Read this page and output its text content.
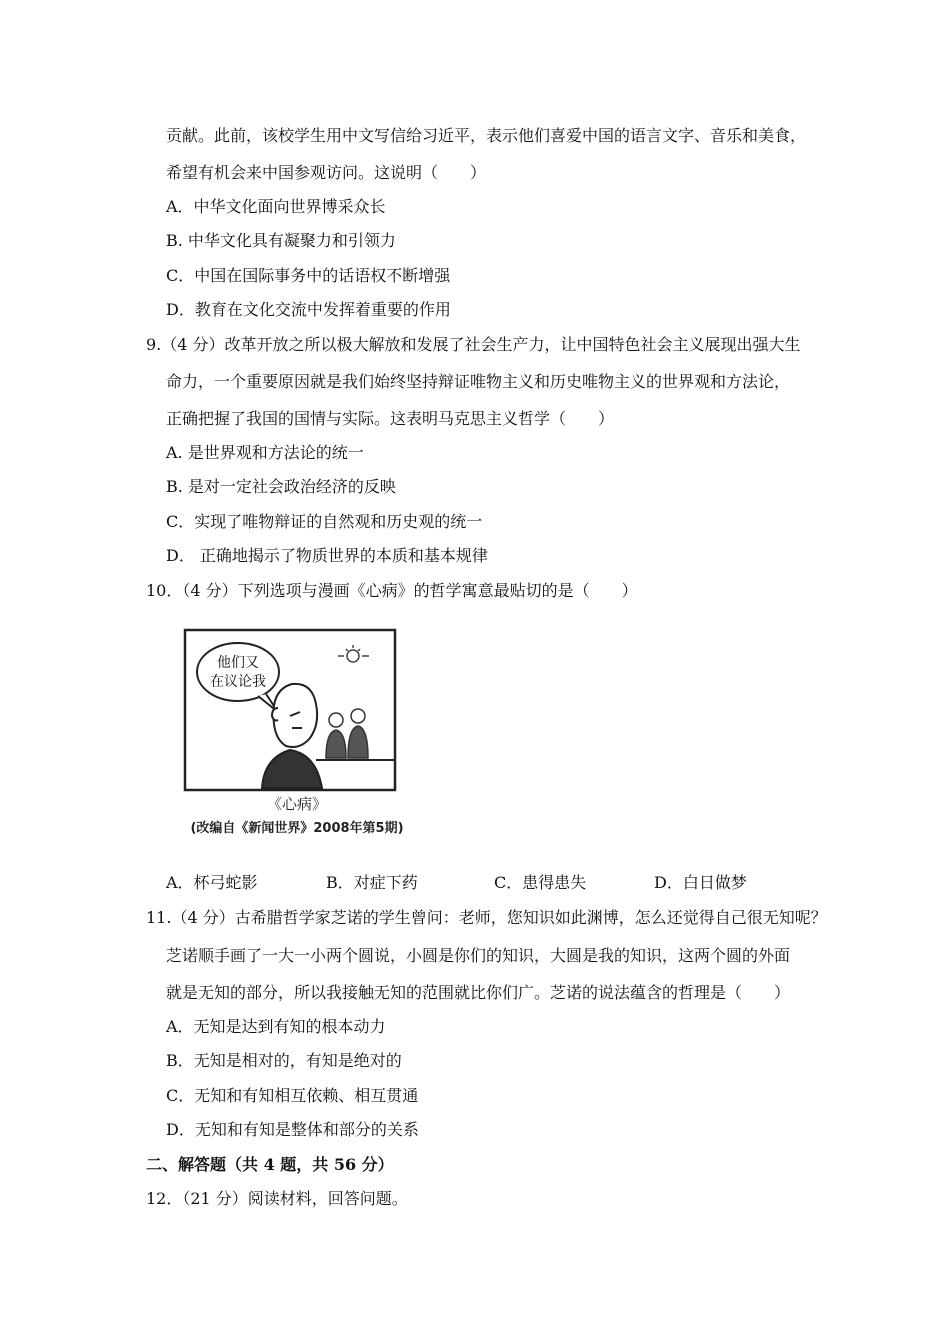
贡献。此前，该校学生用中文写信给习近平，表示他们喜爱中国的语言文字、音乐和美食，
希望有机会来中国参观访问。这说明（　　）
A．中华文化面向世界博采众长
B. 中华文化具有凝聚力和引领力
C．中国在国际事务中的话语权不断增强
D．教育在文化交流中发挥着重要的作用
9.（4 分）改革开放之所以极大解放和发展了社会生产力，让中国特色社会主义展现出强大生
命力，一个重要原因就是我们始终坚持辩证唯物主义和历史唯物主义的世界观和方法论，
正确把握了我国的国情与实际。这表明马克思主义哲学（　　）
A. 是世界观和方法论的统一
B. 是对一定社会政治经济的反映
C．实现了唯物辩证的自然观和历史观的统一
D． 正确地揭示了物质世界的本质和基本规律
10．（4 分）下列选项与漫画《心病》的哲学寓意最贴切的是（　　）
他们又
在议论我
《心病》
(改编自《新闻世界》2008年第5期)
A．杯弓蛇影	B．对症下药	C．患得患失	D．白日做梦
11.（4 分）古希腊哲学家芝诺的学生曾问：老师，您知识如此渊博，怎么还觉得自己很无知呢？
芝诺顺手画了一大一小两个圆说，小圆是你们的知识，大圆是我的知识，这两个圆的外面
就是无知的部分，所以我接触无知的范围就比你们广。芝诺的说法蕴含的哲理是（　　）
A．无知是达到有知的根本动力
B．无知是相对的，有知是绝对的
C．无知和有知相互依赖、相互贯通
D．无知和有知是整体和部分的关系
二、解答题（共 4 题，共 56 分）
12．（21 分）阅读材料，回答问题。
